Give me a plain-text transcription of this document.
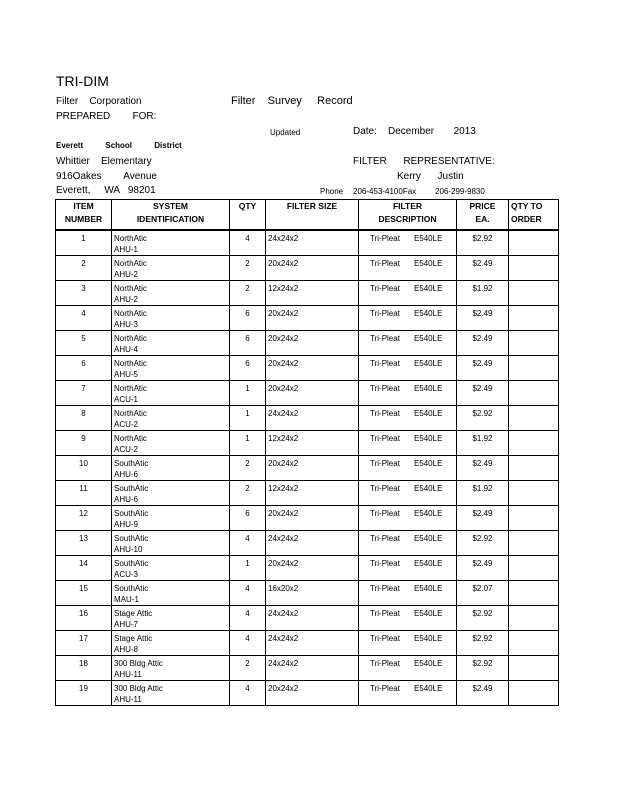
TRI-DIM
Filter    Corporation	Filter    Survey     Record
PREPARED        FOR:
Updated	Date: December       2013
Everett          School          District
Whittier    Elementary	FILTER      REPRESENTATIVE:
916Oakes        Avenue	Kerry      Justin
Everett,     WA   98201	Phone 206-453-4100Fax 206-299-9830
ITEM
NUMBER	SYSTEM
IDENTIFICATION	QTY	FILTER SIZE	FILTER
DESCRIPTION	PRICE
EA.	QTY TO
ORDER

1	NorthAtic
AHU-1	4	24x24x2	Tri-Pleat E540LE	$2.92	

2	NorthAtic
AHU-2	2	20x24x2	Tri-Pleat E540LE	$2.49	

3	NorthAtic
AHU-2	2	12x24x2	Tri-Pleat E540LE	$1.92	

4	NorthAtic
AHU-3	6	20x24x2	Tri-Pleat E540LE	$2.49	

5	NorthAtic
AHU-4	6	20x24x2	Tri-Pleat E540LE	$2.49	

6	NorthAtic
AHU-5	6	20x24x2	Tri-Pleat E540LE	$2.49	

7	NorthAtic
ACU-1	1	20x24x2	Tri-Pleat E540LE	$2.49	

8	NorthAtic
ACU-2	1	24x24x2	Tri-Pleat E540LE	$2.92	

9	NorthAtic
ACU-2	1	12x24x2	Tri-Pleat E540LE	$1.92	

10	SouthAtic
AHU-6	2	20x24x2	Tri-Pleat E540LE	$2.49	

11	SouthAtic
AHU-6	2	12x24x2	Tri-Pleat E540LE	$1.92	

12	SouthAtic
AHU-9	6	20x24x2	Tri-Pleat E540LE	$2.49	

13	SouthAtic
AHU-10	4	24x24x2	Tri-Pleat E540LE	$2.92	

14	SouthAtic
ACU-3	1	20x24x2	Tri-Pleat E540LE	$2.49	

15	SouthAtic
MAU-1	4	16x20x2	Tri-Pleat E540LE	$2.07	

16	Stage Attic
AHU-7	4	24x24x2	Tri-Pleat E540LE	$2.92	

17	Stage Attic
AHU-8	4	24x24x2	Tri-Pleat E540LE	$2.92	

18	300 Bldg Attic
AHU-11	2	24x24x2	Tri-Pleat E540LE	$2.92	

19	300 Bldg Attic
AHU-11	4	20x24x2	Tri-Pleat E540LE	$2.49	
